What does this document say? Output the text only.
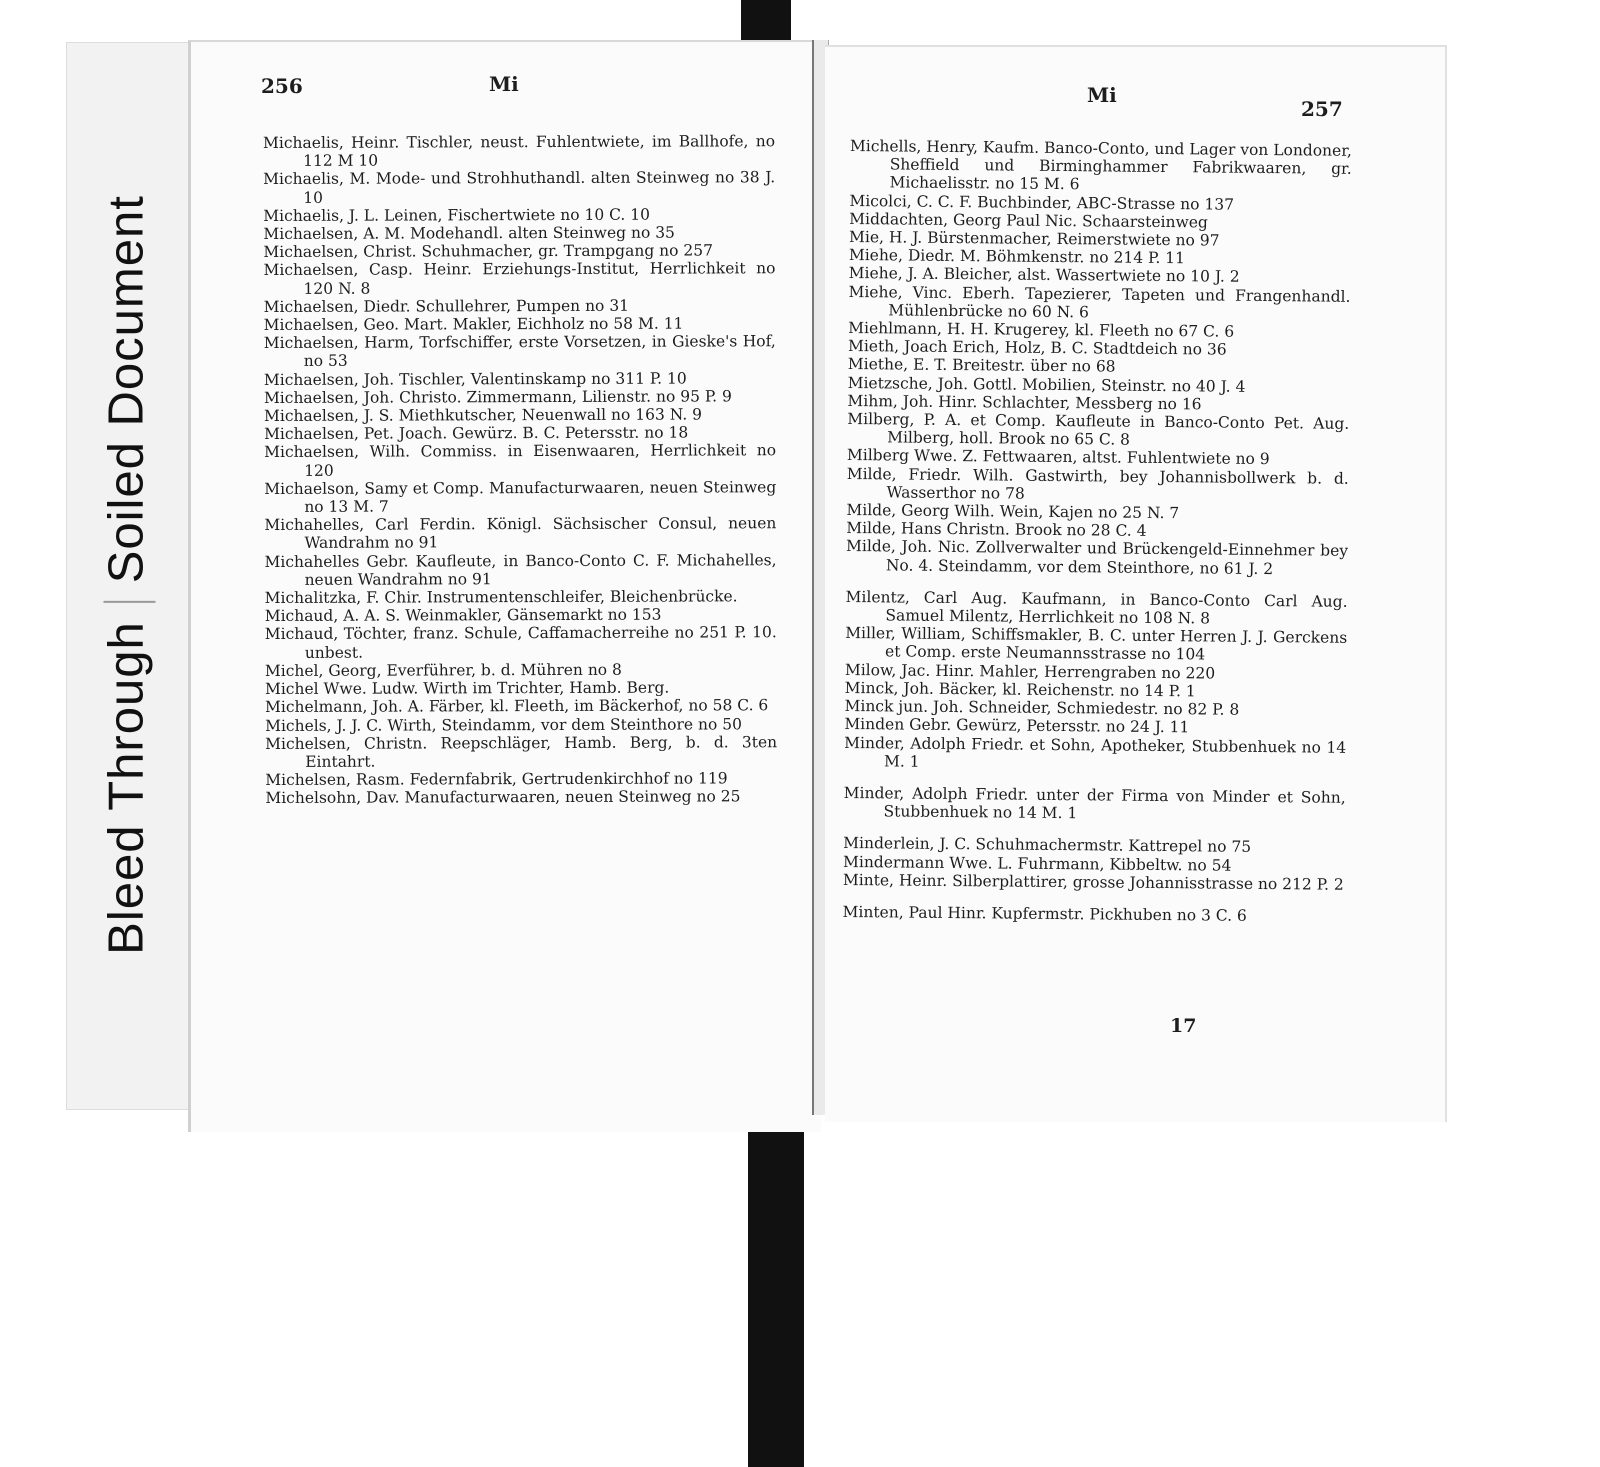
Bleed ThroughSoiled Document
256	Mi
Michaelis, Heinr. Tischler, neust. Fuhlentwiete, im Ballhofe, no 112 M 10
Michaelis, M. Mode- und Strohhuthandl. alten Steinweg no 38 J. 10
Michaelis, J. L. Leinen, Fischertwiete no 10 C. 10
Michaelsen, A. M. Modehandl. alten Steinweg no 35
Michaelsen, Christ. Schuhmacher, gr. Trampgang no 257
Michaelsen, Casp. Heinr. Erziehungs-Institut, Herrlichkeit no 120 N. 8
Michaelsen, Diedr. Schullehrer, Pumpen no 31
Michaelsen, Geo. Mart. Makler, Eichholz no 58 M. 11
Michaelsen, Harm, Torfschiffer, erste Vorsetzen, in Gieske's Hof, no 53
Michaelsen, Joh. Tischler, Valentinskamp no 311 P. 10
Michaelsen, Joh. Christo. Zimmermann, Lilienstr. no 95 P. 9
Michaelsen, J. S. Miethkutscher, Neuenwall no 163 N. 9
Michaelsen, Pet. Joach. Gewürz. B. C. Petersstr. no 18
Michaelsen, Wilh. Commiss. in Eisenwaaren, Herrlichkeit no 120
Michaelson, Samy et Comp. Manufacturwaaren, neuen Steinweg no 13 M. 7
Michahelles, Carl Ferdin. Königl. Sächsischer Consul, neuen Wandrahm no 91
Michahelles Gebr. Kaufleute, in Banco-Conto C. F. Michahelles, neuen Wandrahm no 91
Michalitzka, F. Chir. Instrumentenschleifer, Bleichenbrücke.
Michaud, A. A. S. Weinmakler, Gänsemarkt no 153
Michaud, Töchter, franz. Schule, Caffamacherreihe no 251 P. 10. unbest.
Michel, Georg, Everführer, b. d. Mühren no 8
Michel Wwe. Ludw. Wirth im Trichter, Hamb. Berg.
Michelmann, Joh. A. Färber, kl. Fleeth, im Bäckerhof, no 58 C. 6
Michels, J. J. C. Wirth, Steindamm, vor dem Steinthore no 50
Michelsen, Christn. Reepschläger, Hamb. Berg, b. d. 3ten Eintahrt.
Michelsen, Rasm. Federnfabrik, Gertrudenkirchhof no 119
Michelsohn, Dav. Manufacturwaaren, neuen Steinweg no 25
Mi
257
Michells, Henry, Kaufm. Banco-Conto, und Lager von Londoner, Sheffield und Birminghammer Fabrikwaaren, gr. Michaelisstr. no 15 M. 6
Micolci, C. C. F. Buchbinder, ABC-Strasse no 137
Middachten, Georg Paul Nic. Schaarsteinweg
Mie, H. J. Bürstenmacher, Reimerstwiete no 97
Miehe, Diedr. M. Böhmkenstr. no 214 P. 11
Miehe, J. A. Bleicher, alst. Wassertwiete no 10 J. 2
Miehe, Vinc. Eberh. Tapezierer, Tapeten und Frangenhandl. Mühlenbrücke no 60 N. 6
Miehlmann, H. H. Krugerey, kl. Fleeth no 67 C. 6
Mieth, Joach Erich, Holz, B. C. Stadtdeich no 36
Miethe, E. T. Breitestr. über no 68
Mietzsche, Joh. Gottl. Mobilien, Steinstr. no 40 J. 4
Mihm, Joh. Hinr. Schlachter, Messberg no 16
Milberg, P. A. et Comp. Kaufleute in Banco-Conto Pet. Aug. Milberg, holl. Brook no 65 C. 8
Milberg Wwe. Z. Fettwaaren, altst. Fuhlentwiete no 9
Milde, Friedr. Wilh. Gastwirth, bey Johannisbollwerk b. d. Wasserthor no 78
Milde, Georg Wilh. Wein, Kajen no 25 N. 7
Milde, Hans Christn. Brook no 28 C. 4
Milde, Joh. Nic. Zollverwalter und Brückengeld-Einnehmer bey No. 4. Steindamm, vor dem Steinthore, no 61 J. 2
Milentz, Carl Aug. Kaufmann, in Banco-Conto Carl Aug. Samuel Milentz, Herrlichkeit no 108 N. 8
Miller, William, Schiffsmakler, B. C. unter Herren J. J. Gerckens et Comp. erste Neumannsstrasse no 104
Milow, Jac. Hinr. Mahler, Herrengraben no 220
Minck, Joh. Bäcker, kl. Reichenstr. no 14 P. 1
Minck jun. Joh. Schneider, Schmiedestr. no 82 P. 8
Minden Gebr. Gewürz, Petersstr. no 24 J. 11
Minder, Adolph Friedr. et Sohn, Apotheker, Stubbenhuek no 14 M. 1
Minder, Adolph Friedr. unter der Firma von Minder et Sohn, Stubbenhuek no 14 M. 1
Minderlein, J. C. Schuhmachermstr. Kattrepel no 75
Mindermann Wwe. L. Fuhrmann, Kibbeltw. no 54
Minte, Heinr. Silberplattirer, grosse Johannisstrasse no 212 P. 2
Minten, Paul Hinr. Kupfermstr. Pickhuben no 3 C. 6
17
